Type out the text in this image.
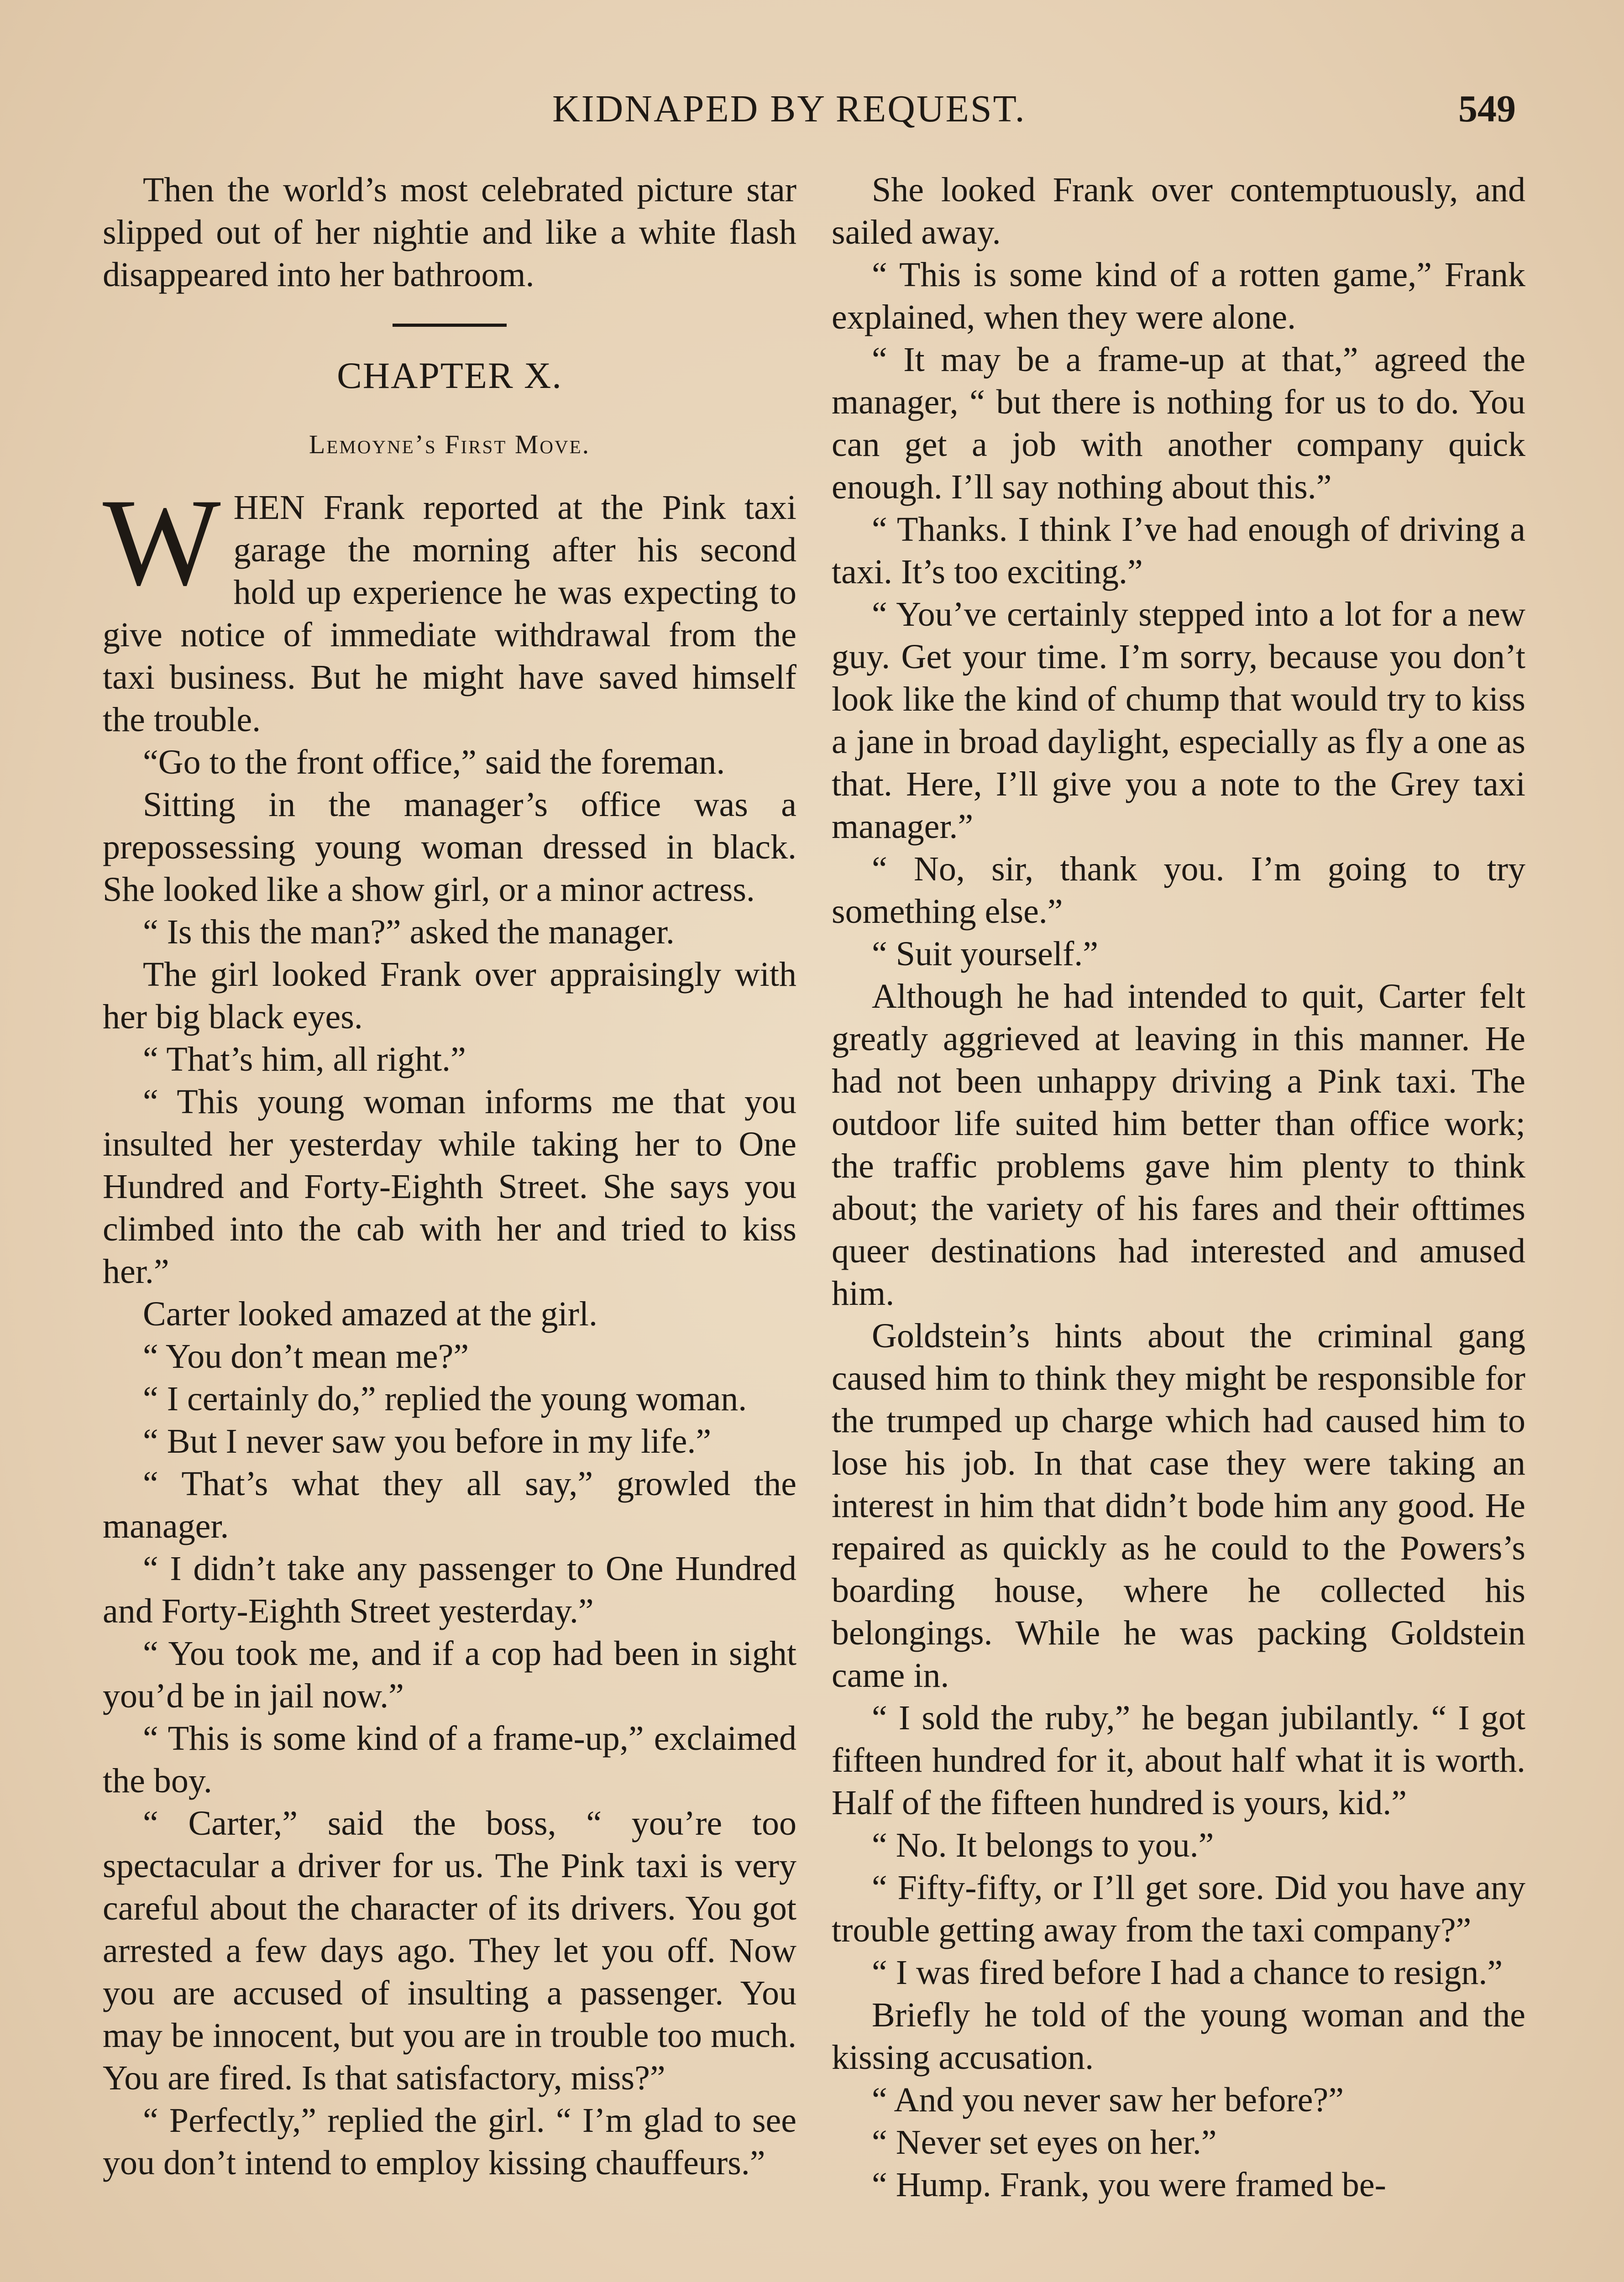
KIDNAPED BY REQUEST.	549

Then the world’s most celebrated picture star slipped out of her nightie and like a white flash disappeared into her bathroom.

CHAPTER X.
Lemoyne’s First Move.

WHEN Frank reported at the Pink taxi garage the morning after his second hold up experience he was expecting to give notice of immediate withdrawal from the taxi business. But he might have saved himself the trouble.

“Go to the front office,” said the foreman.

Sitting in the manager’s office was a prepossessing young woman dressed in black. She looked like a show girl, or a minor actress.

“ Is this the man?” asked the manager.

The girl looked Frank over appraisingly with her big black eyes.

“ That’s him, all right.”

“ This young woman informs me that you insulted her yesterday while taking her to One Hundred and Forty-Eighth Street. She says you climbed into the cab with her and tried to kiss her.”

Carter looked amazed at the girl.

“ You don’t mean me?”

“ I certainly do,” replied the young woman.

“ But I never saw you before in my life.”

“ That’s what they all say,” growled the manager.

“ I didn’t take any passenger to One Hundred and Forty-Eighth Street yesterday.”

“ You took me, and if a cop had been in sight you’d be in jail now.”

“ This is some kind of a frame-up,” exclaimed the boy.

“ Carter,” said the boss, “ you’re too spectacular a driver for us. The Pink taxi is very careful about the character of its drivers. You got arrested a few days ago. They let you off. Now you are accused of insulting a passenger. You may be innocent, but you are in trouble too much. You are fired. Is that satisfactory, miss?”

“ Perfectly,” replied the girl. “ I’m glad to see you don’t intend to employ kissing chauffeurs.”

She looked Frank over contemptuously, and sailed away.

“ This is some kind of a rotten game,” Frank explained, when they were alone.

“ It may be a frame-up at that,” agreed the manager, “ but there is nothing for us to do. You can get a job with another company quick enough. I’ll say nothing about this.”

“ Thanks. I think I’ve had enough of driving a taxi. It’s too exciting.”

“ You’ve certainly stepped into a lot for a new guy. Get your time. I’m sorry, because you don’t look like the kind of chump that would try to kiss a jane in broad daylight, especially as fly a one as that. Here, I’ll give you a note to the Grey taxi manager.”

“ No, sir, thank you. I’m going to try something else.”

“ Suit yourself.”

Although he had intended to quit, Carter felt greatly aggrieved at leaving in this manner. He had not been unhappy driving a Pink taxi. The outdoor life suited him better than office work; the traffic problems gave him plenty to think about; the variety of his fares and their ofttimes queer destinations had interested and amused him.

Goldstein’s hints about the criminal gang caused him to think they might be responsible for the trumped up charge which had caused him to lose his job. In that case they were taking an interest in him that didn’t bode him any good. He repaired as quickly as he could to the Powers’s boarding house, where he collected his belongings. While he was packing Goldstein came in.

“ I sold the ruby,” he began jubilantly. “ I got fifteen hundred for it, about half what it is worth. Half of the fifteen hundred is yours, kid.”

“ No. It belongs to you.”

“ Fifty-fifty, or I’ll get sore. Did you have any trouble getting away from the taxi company?”

“ I was fired before I had a chance to resign.”

Briefly he told of the young woman and the kissing accusation.

“ And you never saw her before?”

“ Never set eyes on her.”

“ Hump. Frank, you were framed be-
